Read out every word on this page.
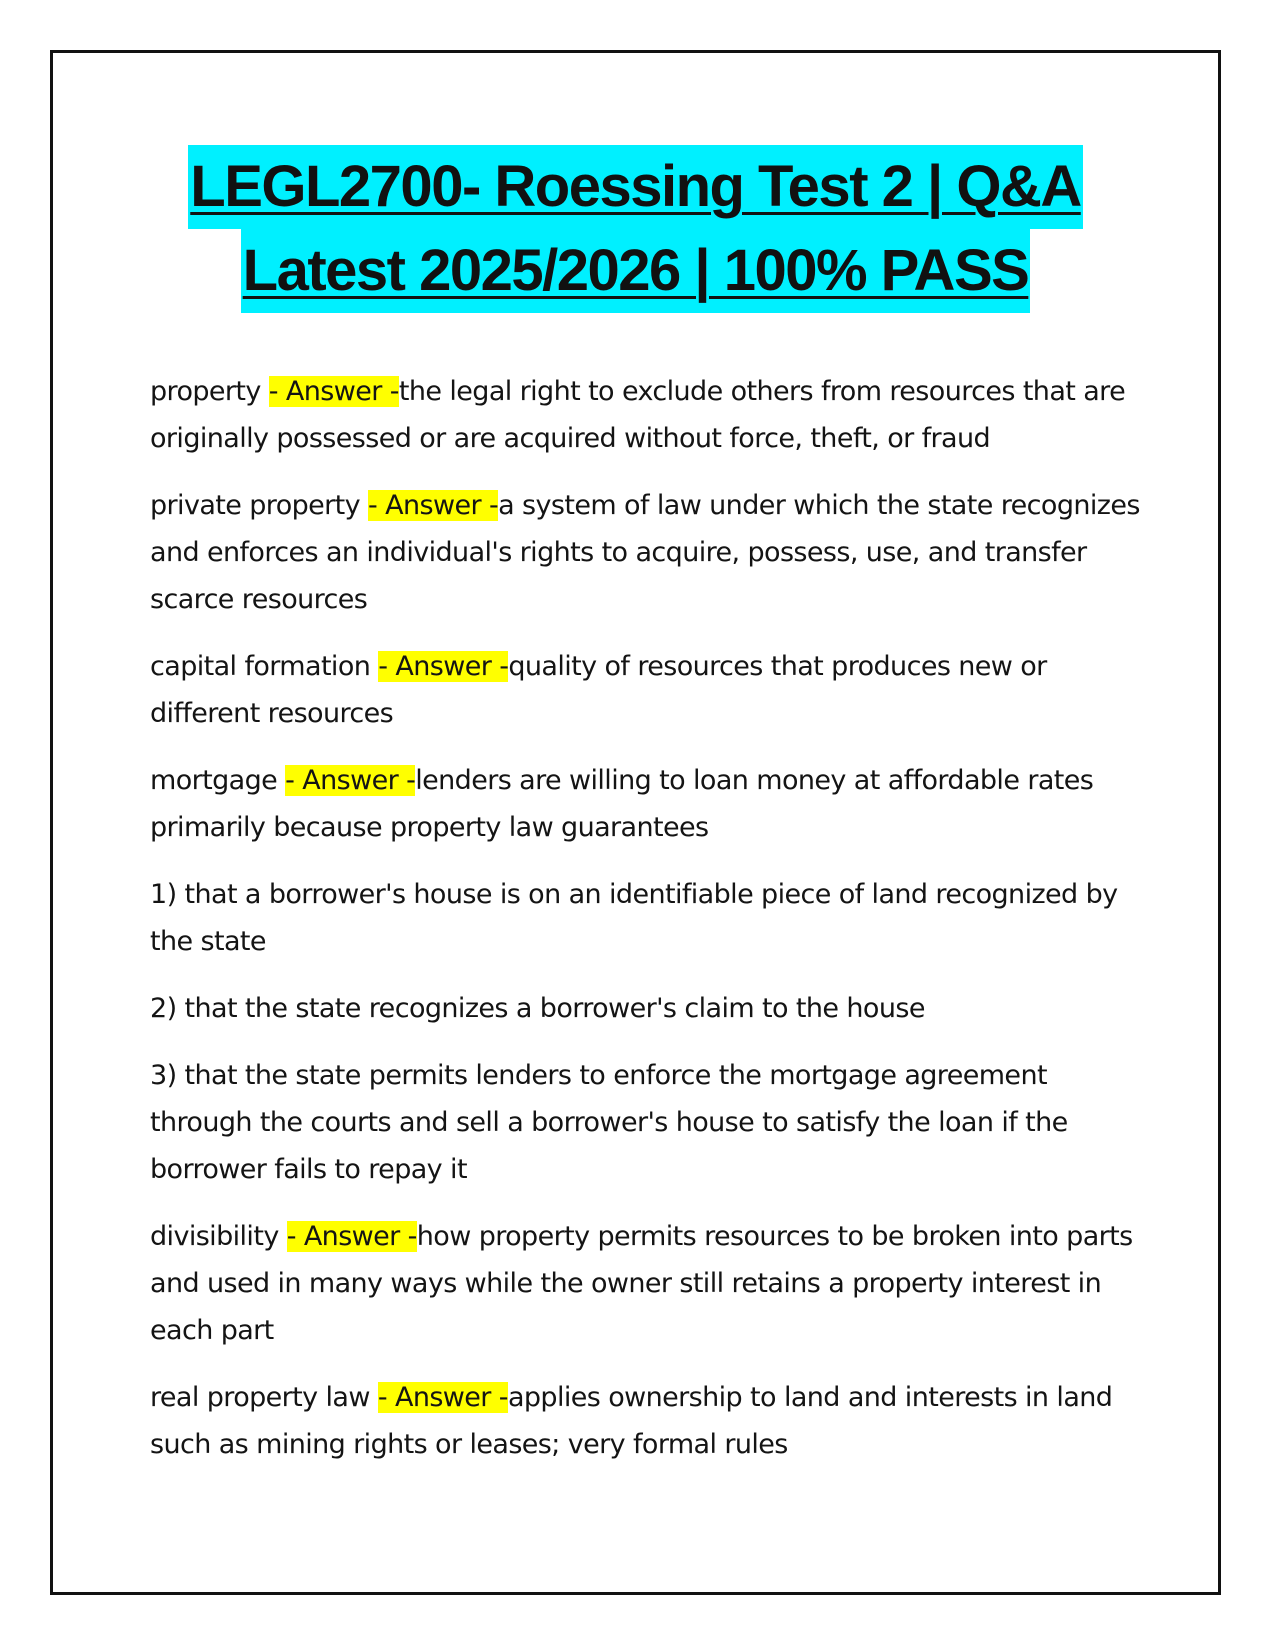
LEGL2700- Roessing Test 2 | Q&A
Latest 2025/2026 | 100% PASS

property - Answer -the legal right to exclude others from resources that are originally possessed or are acquired without force, theft, or fraud

private property - Answer -a system of law under which the state recognizes and enforces an individual's rights to acquire, possess, use, and transfer scarce resources

capital formation - Answer -quality of resources that produces new or different resources

mortgage - Answer -lenders are willing to loan money at affordable rates primarily because property law guarantees

1) that a borrower's house is on an identifiable piece of land recognized by the state

2) that the state recognizes a borrower's claim to the house

3) that the state permits lenders to enforce the mortgage agreement through the courts and sell a borrower's house to satisfy the loan if the borrower fails to repay it

divisibility - Answer -how property permits resources to be broken into parts and used in many ways while the owner still retains a property interest in each part

real property law - Answer -applies ownership to land and interests in land such as mining rights or leases; very formal rules
